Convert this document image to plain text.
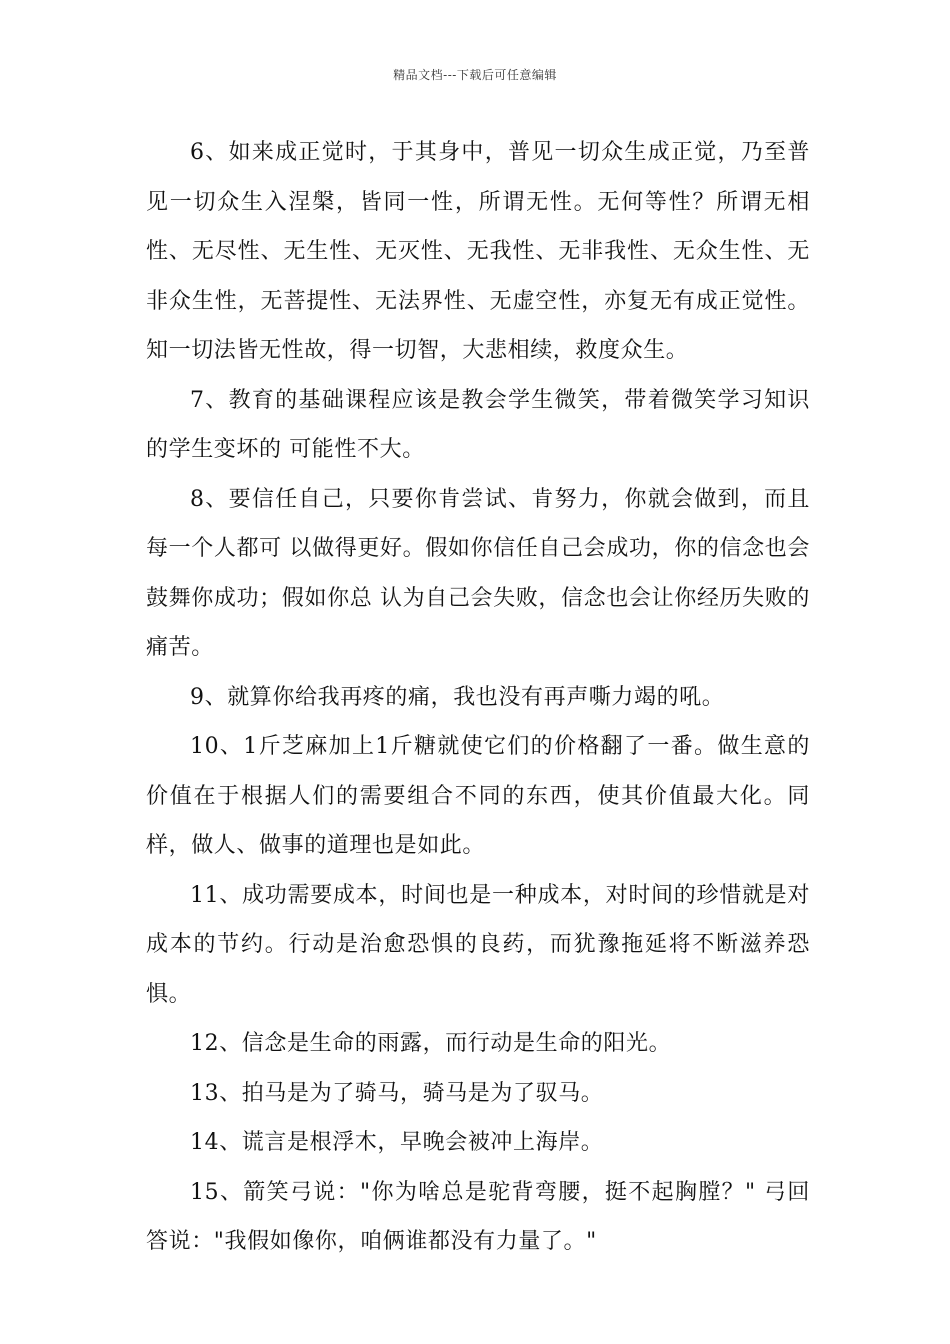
精品文档---下载后可任意编辑

6、如来成正觉时，于其身中，普见一切众生成正觉，乃至普见一切众生入涅槃，皆同一性，所谓无性。无何等性？所谓无相性、无尽性、无生性、无灭性、无我性、无非我性、无众生性、无非众生性，无菩提性、无法界性、无虚空性，亦复无有成正觉性。知一切法皆无性故，得一切智，大悲相续，救度众生。

7、教育的基础课程应该是教会学生微笑，带着微笑学习知识的学生变坏的 可能性不大。

8、要信任自己，只要你肯尝试、肯努力，你就会做到，而且每一个人都可 以做得更好。假如你信任自己会成功，你的信念也会鼓舞你成功；假如你总 认为自己会失败，信念也会让你经历失败的痛苦。

9、就算你给我再疼的痛，我也没有再声嘶力竭的吼。

10、1斤芝麻加上1斤糖就使它们的价格翻了一番。做生意的价值在于根据人们的需要组合不同的东西，使其价值最大化。同样，做人、做事的道理也是如此。

11、成功需要成本，时间也是一种成本，对时间的珍惜就是对成本的节约。行动是治愈恐惧的良药，而犹豫拖延将不断滋养恐惧。

12、信念是生命的雨露，而行动是生命的阳光。

13、拍马是为了骑马，骑马是为了驭马。

14、谎言是根浮木，早晚会被冲上海岸。

15、箭笑弓说："你为啥总是驼背弯腰，挺不起胸膛？" 弓回答说："我假如像你，咱俩谁都没有力量了。"
